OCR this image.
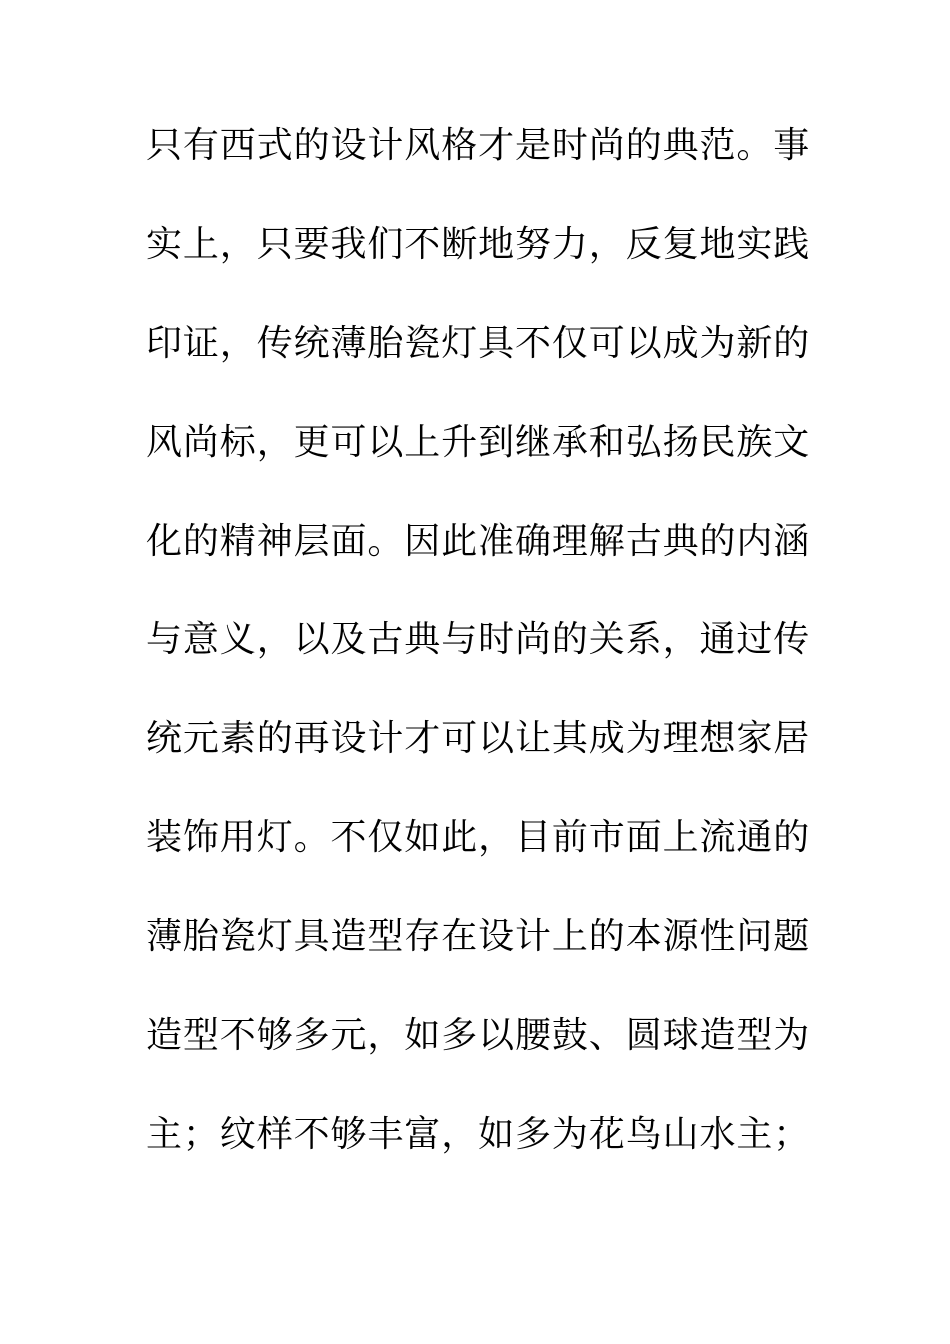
只有西式的设计风格才是时尚的典范。事
实上，只要我们不断地努力，反复地实践
印证，传统薄胎瓷灯具不仅可以成为新的
风尚标，更可以上升到继承和弘扬民族文
化的精神层面。因此准确理解古典的内涵
与意义，以及古典与时尚的关系，通过传
统元素的再设计才可以让其成为理想家居
装饰用灯。不仅如此，目前市面上流通的
薄胎瓷灯具造型存在设计上的本源性问题
造型不够多元，如多以腰鼓、圆球造型为
主；纹样不够丰富，如多为花鸟山水主；
